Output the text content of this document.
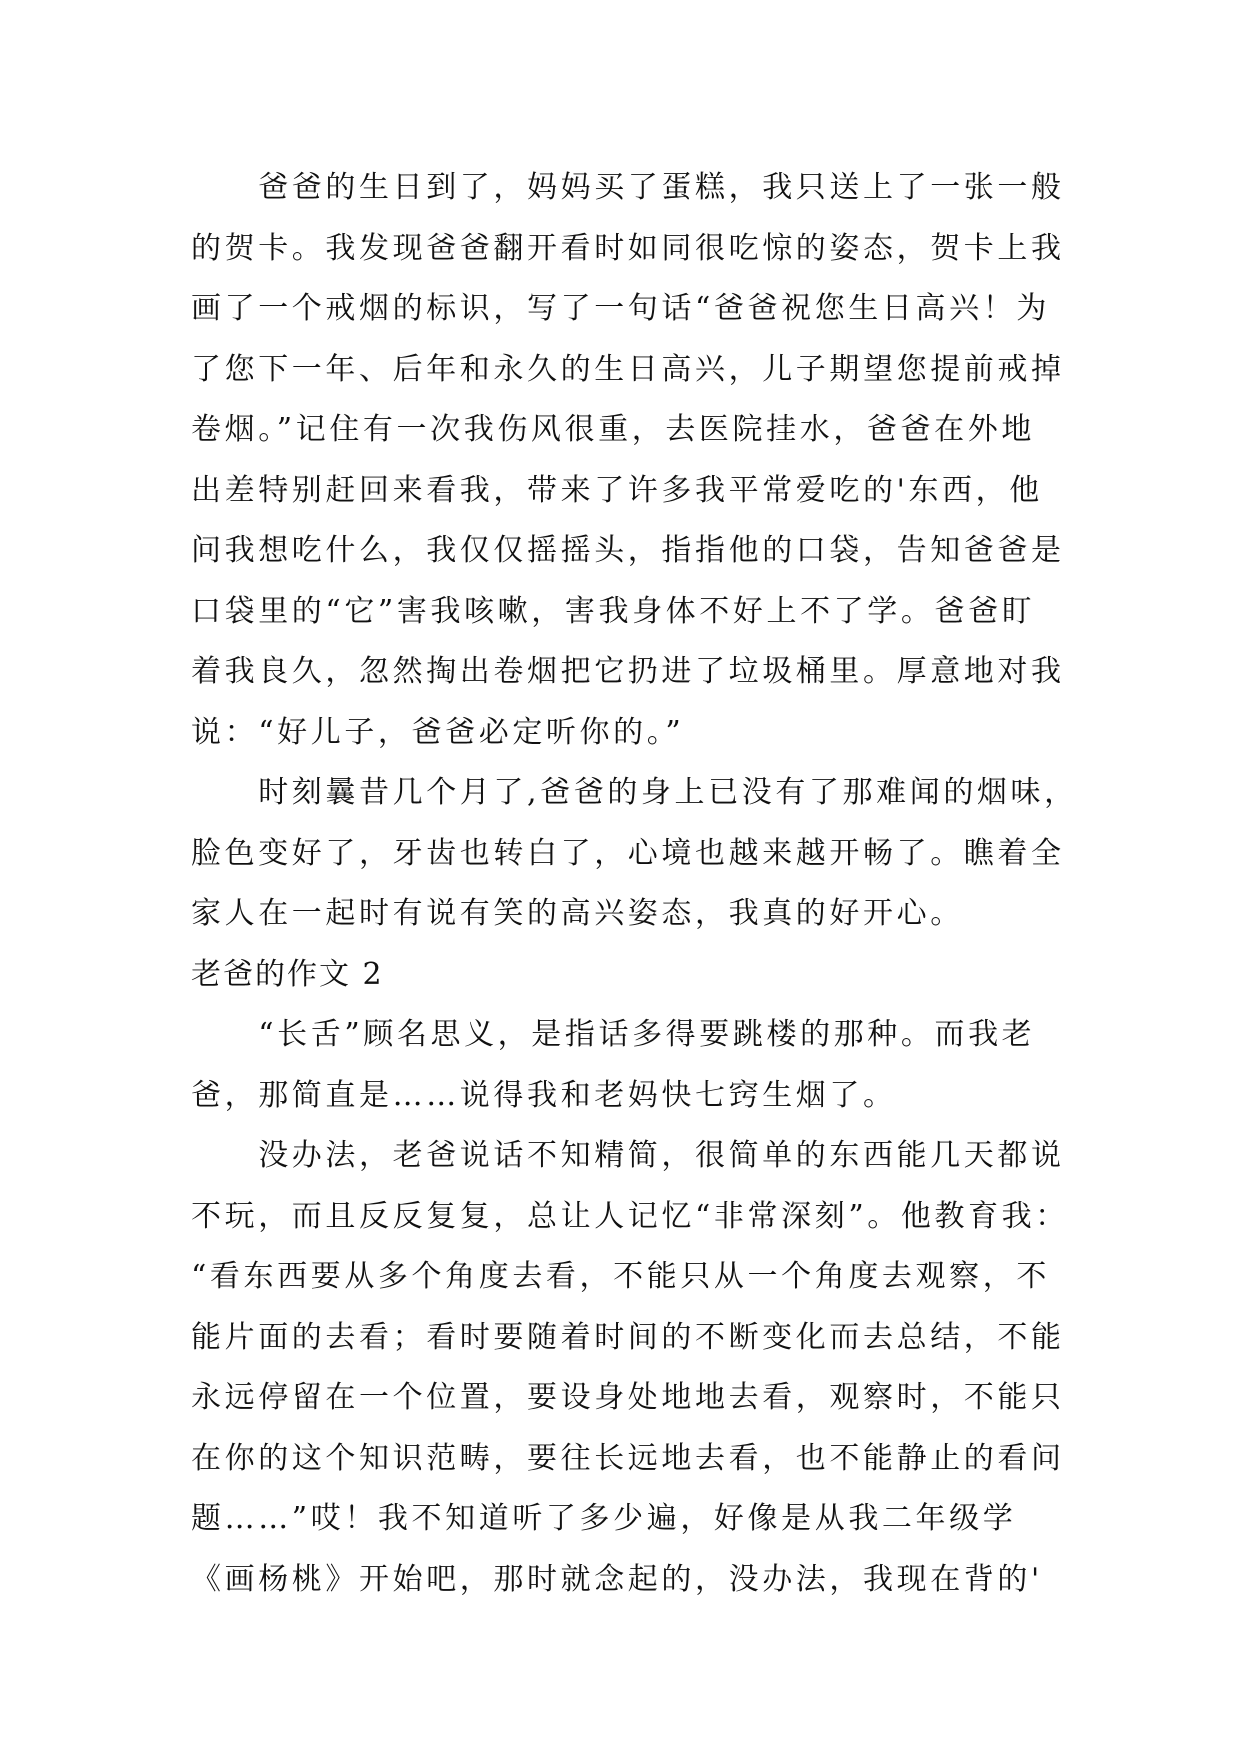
　　爸爸的生日到了，妈妈买了蛋糕，我只送上了一张一般
的贺卡。我发现爸爸翻开看时如同很吃惊的姿态，贺卡上我
画了一个戒烟的标识，写了一句话“爸爸祝您生日高兴！为
了您下一年、后年和永久的生日高兴，儿子期望您提前戒掉
卷烟。”记住有一次我伤风很重，去医院挂水，爸爸在外地
出差特别赶回来看我，带来了许多我平常爱吃的'东西，他
问我想吃什么，我仅仅摇摇头，指指他的口袋，告知爸爸是
口袋里的“它”害我咳嗽，害我身体不好上不了学。爸爸盯
着我良久，忽然掏出卷烟把它扔进了垃圾桶里。厚意地对我
说：“好儿子，爸爸必定听你的。”
　　时刻曩昔几个月了,爸爸的身上已没有了那难闻的烟味，
脸色变好了，牙齿也转白了，心境也越来越开畅了。瞧着全
家人在一起时有说有笑的高兴姿态，我真的好开心。
老爸的作文 2
　　“长舌”顾名思义，是指话多得要跳楼的那种。而我老
爸，那简直是……说得我和老妈快七窍生烟了。
　　没办法，老爸说话不知精简，很简单的东西能几天都说
不玩，而且反反复复，总让人记忆“非常深刻”。他教育我：
“看东西要从多个角度去看，不能只从一个角度去观察，不
能片面的去看；看时要随着时间的不断变化而去总结，不能
永远停留在一个位置，要设身处地地去看，观察时，不能只
在你的这个知识范畴，要往长远地去看，也不能静止的看问
题……”哎！我不知道听了多少遍，好像是从我二年级学
《画杨桃》开始吧，那时就念起的，没办法，我现在背的'
